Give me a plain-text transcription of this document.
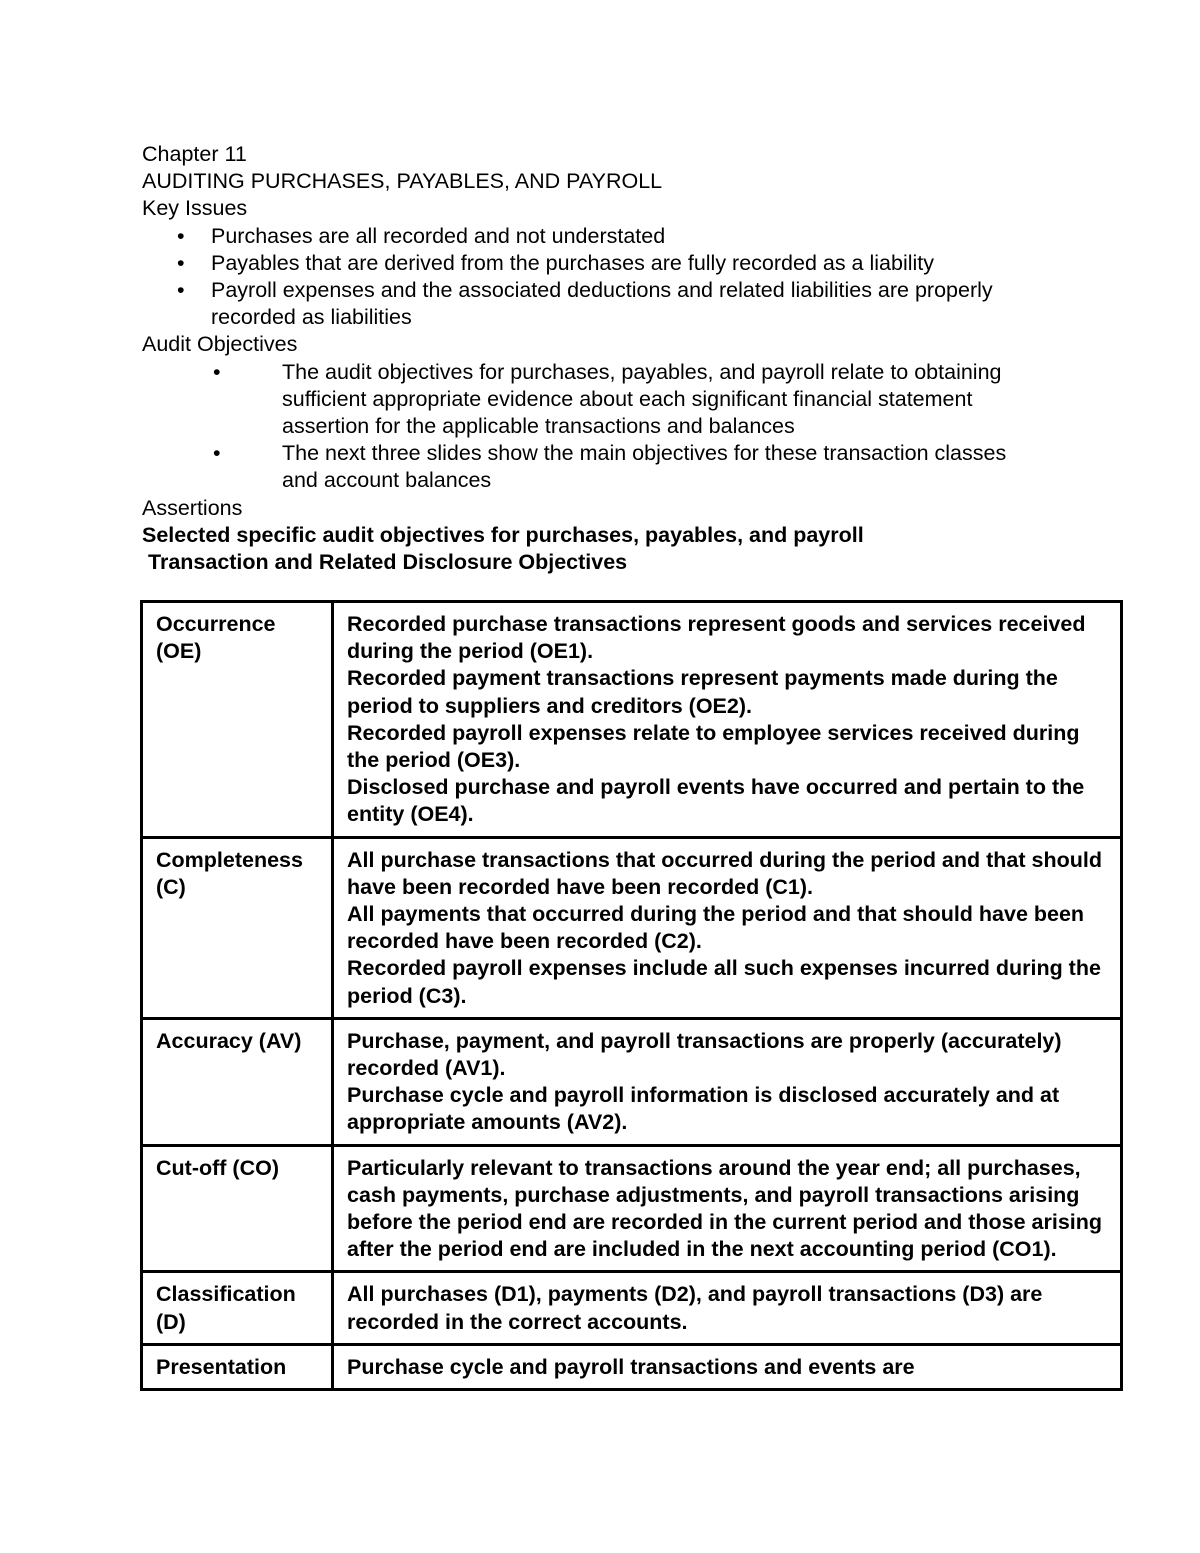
Chapter 11
AUDITING PURCHASES, PAYABLES, AND PAYROLL
Key Issues
• Purchases are all recorded and not understated
• Payables that are derived from the purchases are fully recorded as a liability
• Payroll expenses and the associated deductions and related liabilities are properly recorded as liabilities
Audit Objectives
•	The audit objectives for purchases, payables, and payroll relate to obtaining sufficient appropriate evidence about each significant financial statement assertion for the applicable transactions and balances
•	The next three slides show the main objectives for these transaction classes and account balances
Assertions
Selected specific audit objectives for purchases, payables, and payroll
Transaction and Related Disclosure Objectives
Occurrence (OE)	Recorded purchase transactions represent goods and services received during the period (OE1).
Recorded payment transactions represent payments made during the period to suppliers and creditors (OE2).
Recorded payroll expenses relate to employee services received during the period (OE3).
Disclosed purchase and payroll events have occurred and pertain to the entity (OE4).

Completeness (C)	All purchase transactions that occurred during the period and that should have been recorded have been recorded (C1).
All payments that occurred during the period and that should have been recorded have been recorded (C2).
Recorded payroll expenses include all such expenses incurred during the period (C3).

Accuracy (AV)	Purchase, payment, and payroll transactions are properly (accurately) recorded (AV1).
Purchase cycle and payroll information is disclosed accurately and at appropriate amounts (AV2).

Cut-off (CO)	Particularly relevant to transactions around the year end; all purchases, cash payments, purchase adjustments, and payroll transactions arising before the period end are recorded in the current period and those arising after the period end are included in the next accounting period (CO1).

Classification (D)	All purchases (D1), payments (D2), and payroll transactions (D3) are recorded in the correct accounts.

Presentation	Purchase cycle and payroll transactions and events are
